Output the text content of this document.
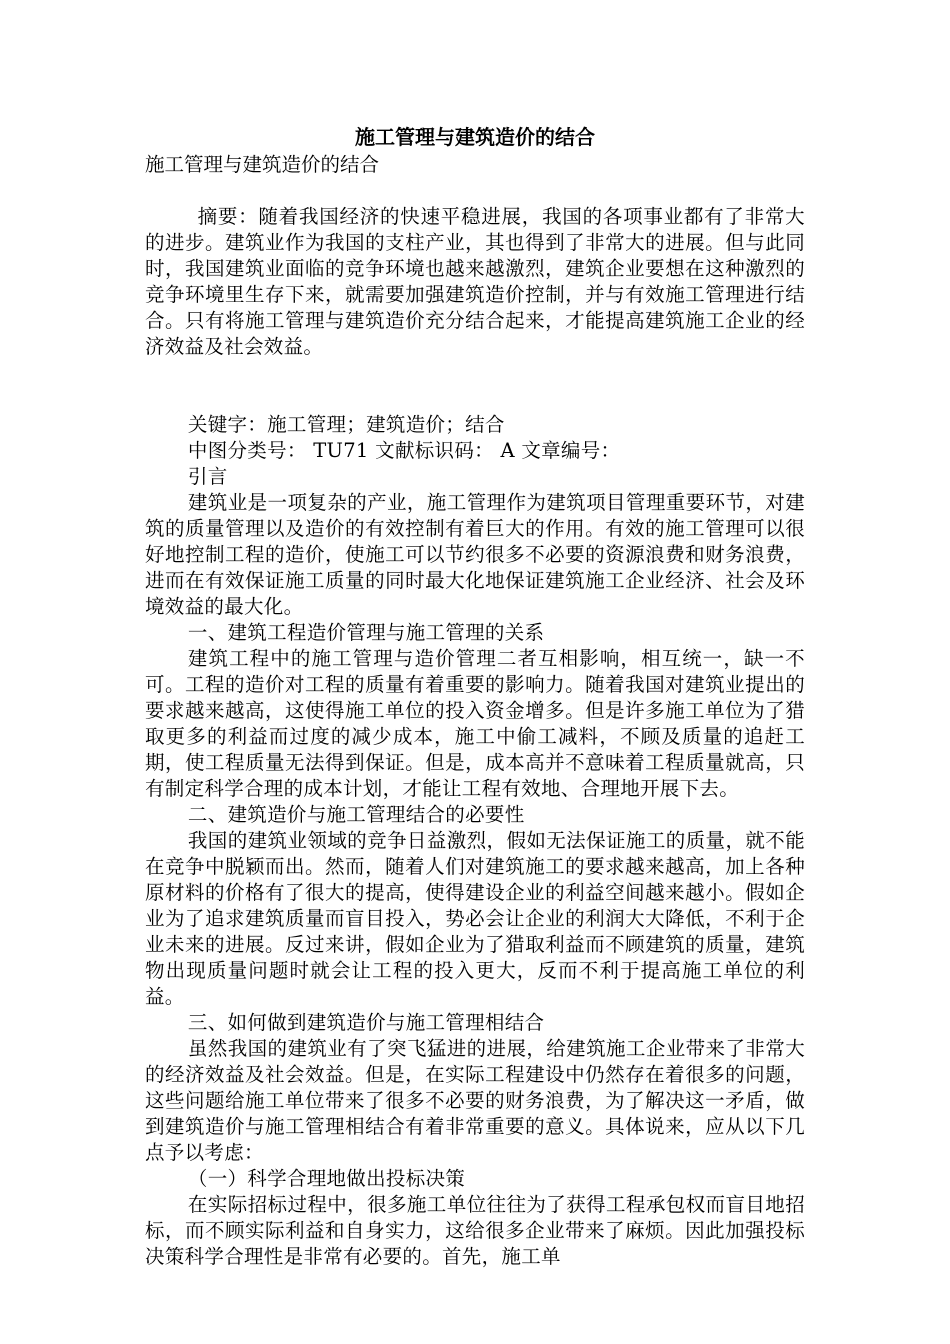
施工管理与建筑造价的结合

施工管理与建筑造价的结合

摘要：随着我国经济的快速平稳进展，我国的各项事业都有了非常大的进步。建筑业作为我国的支柱产业，其也得到了非常大的进展。但与此同时，我国建筑业面临的竞争环境也越来越激烈，建筑企业要想在这种激烈的竞争环境里生存下来，就需要加强建筑造价控制，并与有效施工管理进行结合。只有将施工管理与建筑造价充分结合起来，才能提高建筑施工企业的经济效益及社会效益。

关键字：施工管理；建筑造价；结合

中图分类号： TU71 文献标识码： A 文章编号：

引言

建筑业是一项复杂的产业，施工管理作为建筑项目管理重要环节，对建筑的质量管理以及造价的有效控制有着巨大的作用。有效的施工管理可以很好地控制工程的造价，使施工可以节约很多不必要的资源浪费和财务浪费，进而在有效保证施工质量的同时最大化地保证建筑施工企业经济、社会及环境效益的最大化。

一、建筑工程造价管理与施工管理的关系

建筑工程中的施工管理与造价管理二者互相影响，相互统一，缺一不可。工程的造价对工程的质量有着重要的影响力。随着我国对建筑业提出的要求越来越高，这使得施工单位的投入资金增多。但是许多施工单位为了猎取更多的利益而过度的减少成本，施工中偷工减料，不顾及质量的追赶工期，使工程质量无法得到保证。但是，成本高并不意味着工程质量就高，只有制定科学合理的成本计划，才能让工程有效地、合理地开展下去。

二、建筑造价与施工管理结合的必要性

我国的建筑业领域的竞争日益激烈，假如无法保证施工的质量，就不能在竞争中脱颖而出。然而，随着人们对建筑施工的要求越来越高，加上各种原材料的价格有了很大的提高，使得建设企业的利益空间越来越小。假如企业为了追求建筑质量而盲目投入，势必会让企业的利润大大降低，不利于企业未来的进展。反过来讲，假如企业为了猎取利益而不顾建筑的质量，建筑物出现质量问题时就会让工程的投入更大，反而不利于提高施工单位的利益。

三、如何做到建筑造价与施工管理相结合

虽然我国的建筑业有了突飞猛进的进展，给建筑施工企业带来了非常大的经济效益及社会效益。但是，在实际工程建设中仍然存在着很多的问题，这些问题给施工单位带来了很多不必要的财务浪费，为了解决这一矛盾，做到建筑造价与施工管理相结合有着非常重要的意义。具体说来，应从以下几点予以考虑：

（一）科学合理地做出投标决策

在实际招标过程中，很多施工单位往往为了获得工程承包权而盲目地招标，而不顾实际利益和自身实力，这给很多企业带来了麻烦。因此加强投标决策科学合理性是非常有必要的。首先，施工单
